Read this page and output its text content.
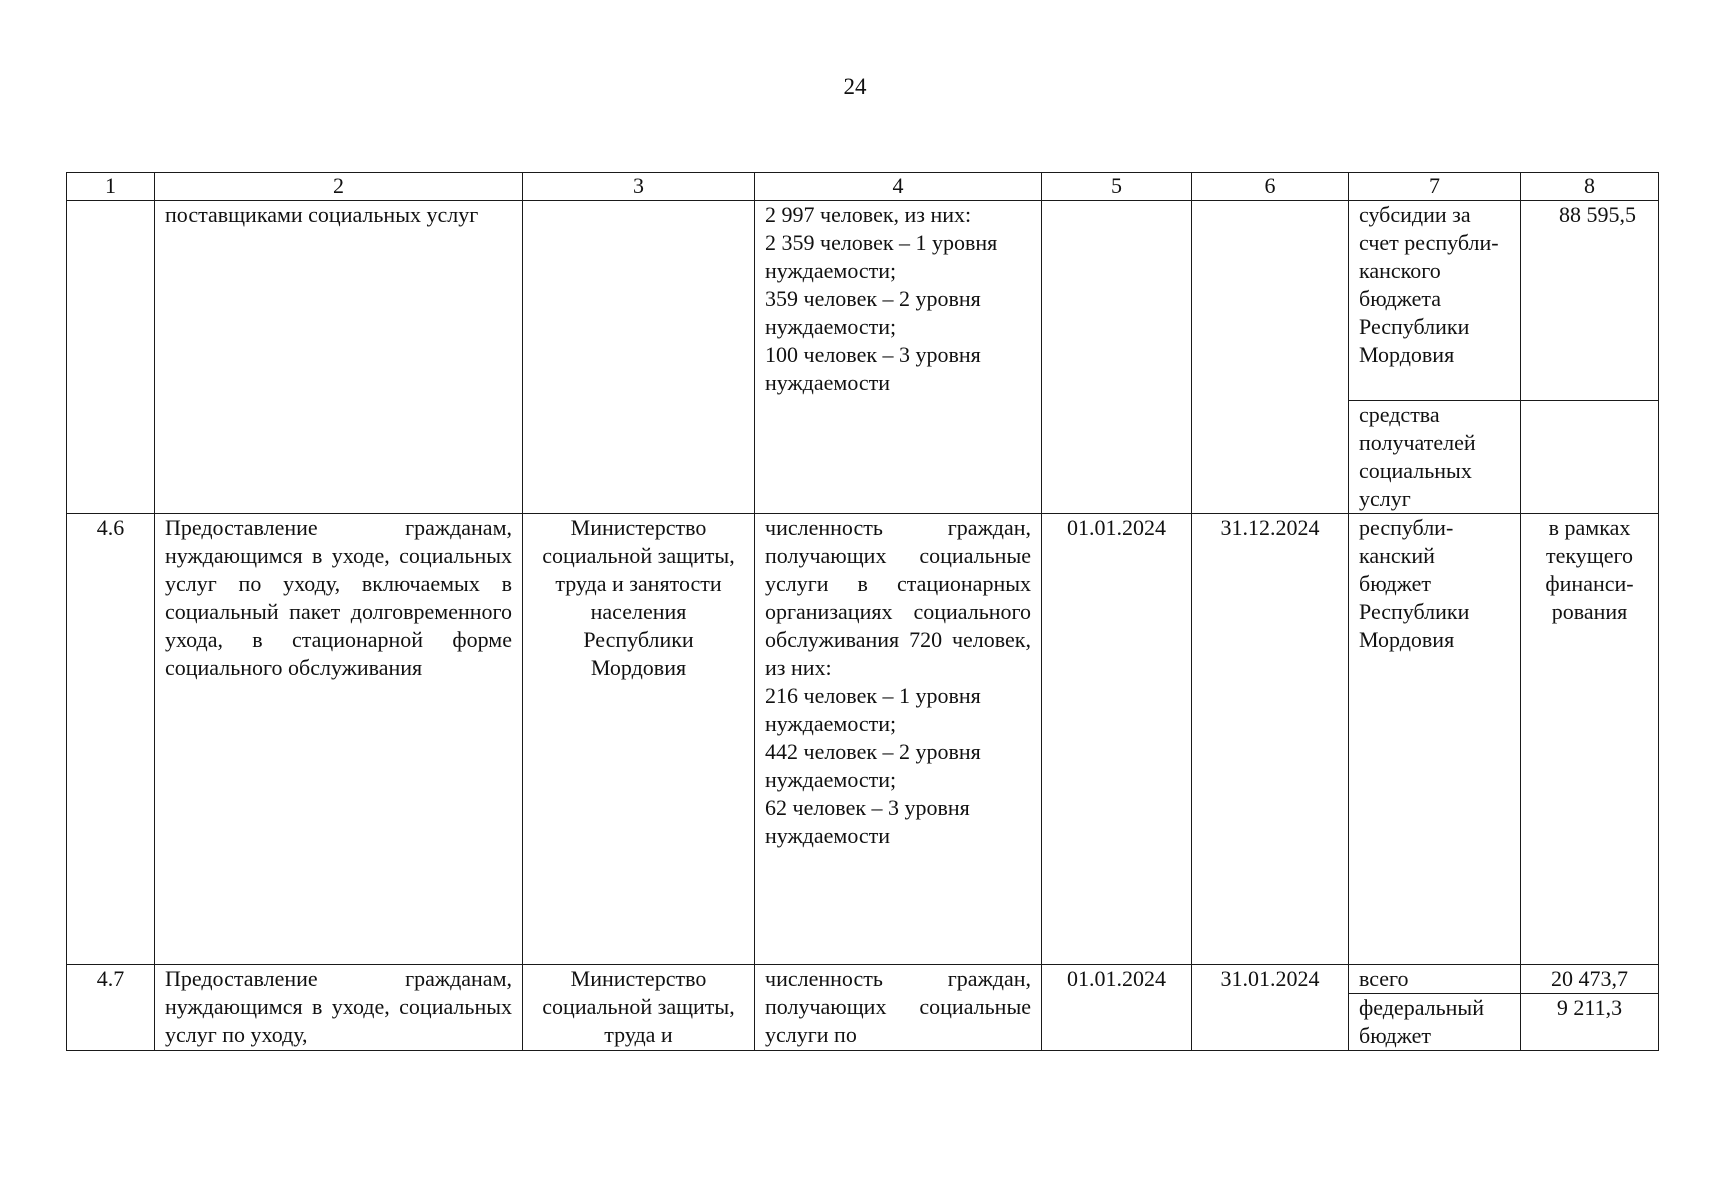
24
1	2	3	4	5	6	7	8
	поставщиками социальных услуг		2 997 человек, из них:
2 359 человек – 1 уровня нуждаемости;
359 человек – 2 уровня нуждаемости;
100 человек – 3 уровня нуждаемости			субсидии за счет республи-канского бюджета Республики Мордовия	88 595,5
						средства получателей социальных услуг	
4.6	Предоставление гражданам, нуждающимся в уходе, социальных услуг по уходу, включаемых в социальный пакет долговременного ухода, в стационарной форме социального обслуживания	Министерство социальной защиты, труда и занятости населения Республики Мордовия	численность граждан, получающих социальные услуги в стационарных организациях социального обслуживания 720 человек, из них:
216 человек – 1 уровня нуждаемости;
442 человек – 2 уровня нуждаемости;
62 человек – 3 уровня нуждаемости	01.01.2024	31.12.2024	республи-канский бюджет Республики Мордовия	в рамках текущего финанси-рования
4.7	Предоставление гражданам, нуждающимся в уходе, социальных услуг по уходу,	Министерство социальной защиты, труда и	численность граждан, получающих социальные услуги по	01.01.2024	31.01.2024	всего	20 473,7
						федеральный бюджет	9 211,3
